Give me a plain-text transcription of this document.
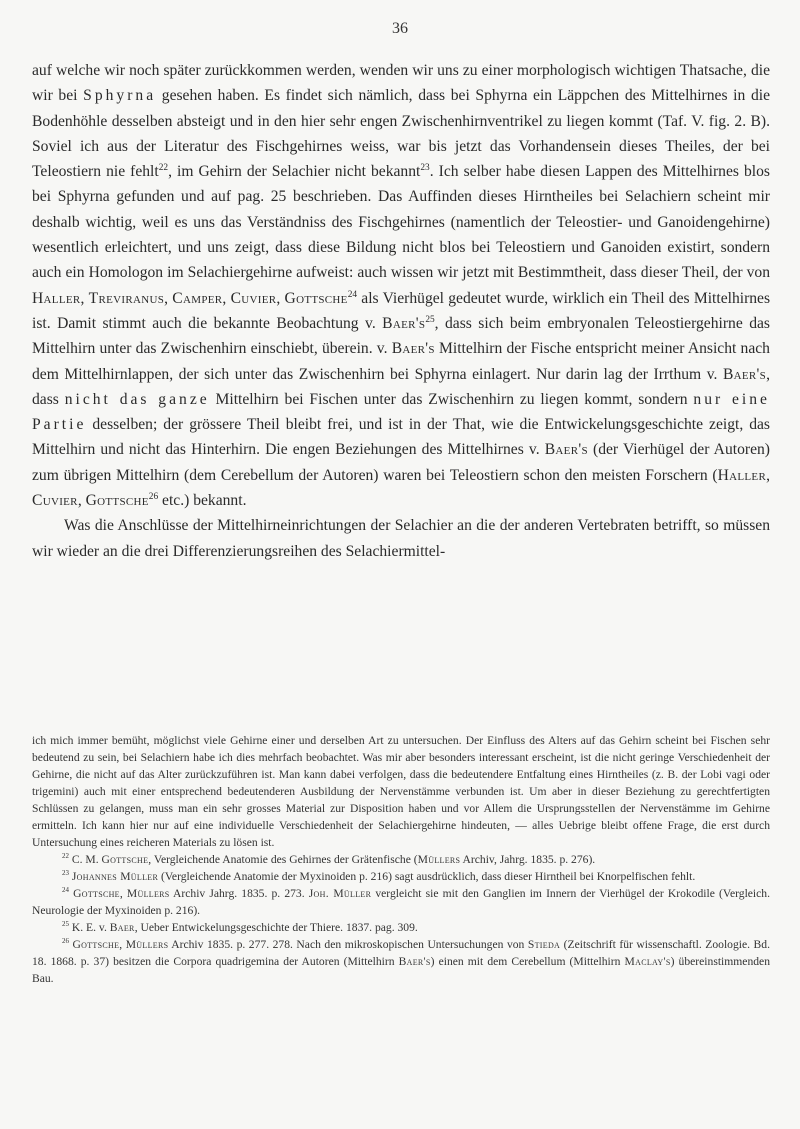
36

auf welche wir noch später zurückkommen werden, wenden wir uns zu einer morphologisch wichtigen Thatsache, die wir bei Sphyrna gesehen haben. Es findet sich nämlich, dass bei Sphyrna ein Läppchen des Mittelhirnes in die Bodenhöhle desselben absteigt und in den hier sehr engen Zwischenhirnventrikel zu liegen kommt (Taf. V. fig. 2. B). Soviel ich aus der Literatur des Fischgehirnes weiss, war bis jetzt das Vorhandensein dieses Theiles, der bei Teleostiern nie fehlt$^{22}$, im Gehirn der Selachier nicht bekannt$^{23}$. Ich selber habe diesen Lappen des Mittelhirnes blos bei Sphyrna gefunden und auf pag. 25 beschrieben. Das Auffinden dieses Hirntheiles bei Selachiern scheint mir deshalb wichtig, weil es uns das Verständniss des Fischgehirnes (namentlich der Teleostier- und Ganoidengehirne) wesentlich erleichtert, und uns zeigt, dass diese Bildung nicht blos bei Teleostiern und Ganoiden existirt, sondern auch ein Homologon im Selachiergehirne aufweist: auch wissen wir jetzt mit Bestimmtheit, dass dieser Theil, der von Haller, Treviranus, Camper, Cuvier, Gottsche$^{24}$ als Vierhügel gedeutet wurde, wirklich ein Theil des Mittelhirnes ist. Damit stimmt auch die bekannte Beobachtung v. $Baer's^{25}$, dass sich beim embryonalen Teleostiergehirne das Mittelhirn unter das Zwischenhirn einschiebt, überein. v. Baer's Mittelhirn der Fische entspricht meiner Ansicht nach dem Mittelhirnlappen, der sich unter das Zwischenhirn bei Sphyrna einlagert. Nur darin lag der Irrthum v. Baer's, dass nicht das ganze Mittelhirn bei Fischen unter das Zwischenhirn zu liegen kommt, sondern nur eine Partie desselben; der grössere Theil bleibt frei, und ist in der That, wie die Entwickelungsgeschichte zeigt, das Mittelhirn und nicht das Hinterhirn. Die engen Beziehungen des Mittelhirnes v. Baer's (der Vierhügel der Autoren) zum übrigen Mittelhirn (dem Cerebellum der Autoren) waren bei Teleostiern schon den meisten Forschern (Haller, Cuvier, Gottsche$^{26}$ etc.) bekannt.

Was die Anschlüsse der Mittelhirneinrichtungen der Selachier an die der anderen Vertebraten betrifft, so müssen wir wieder an die drei Differenzierungsreihen des Selachiermittel-

ich mich immer bemüht, möglichst viele Gehirne einer und derselben Art zu untersuchen. Der Einfluss des Alters auf das Gehirn scheint bei Fischen sehr bedeutend zu sein, bei Selachiern habe ich dies mehrfach beobachtet. Was mir aber besonders interessant erscheint, ist die nicht geringe Verschiedenheit der Gehirne, die nicht auf das Alter zurückzuführen ist. Man kann dabei verfolgen, dass die bedeutendere Entfaltung eines Hirntheiles (z. B. der Lobi vagi oder trigemini) auch mit einer entsprechend bedeutenderen Ausbildung der Nervenstämme verbunden ist. Um aber in dieser Beziehung zu gerechtfertigten Schlüssen zu gelangen, muss man ein sehr grosses Material zur Disposition haben und vor Allem die Ursprungsstellen der Nervenstämme im Gehirne ermitteln. Ich kann hier nur auf eine individuelle Verschiedenheit der Selachiergehirne hindeuten, — alles Uebrige bleibt offene Frage, die erst durch Untersuchung eines reicheren Materials zu lösen ist.

$^{22}$ C. M. Gottsche, Vergleichende Anatomie des Gehirnes der Grätenfische (Müllers Archiv, Jahrg. 1835. p. 276).

$^{23}$ Johannes Müller (Vergleichende Anatomie der Myxinoiden p. 216) sagt ausdrücklich, dass dieser Hirntheil bei Knorpelfischen fehlt.

$^{24}$ Gottsche, Müllers Archiv Jahrg. 1835. p. 273. Joh. Müller vergleicht sie mit den Ganglien im Innern der Vierhügel der Krokodile (Vergleich. Neurologie der Myxinoiden p. 216).

$^{25}$ K. E. v. Baer, Ueber Entwickelungsgeschichte der Thiere. 1837. pag. 309.

$^{26}$ Gottsche, Müllers Archiv 1835. p. 277. 278. Nach den mikroskopischen Untersuchungen von Stieda (Zeitschrift für wissenschaftl. Zoologie. Bd. 18. 1868. p. 37) besitzen die Corpora quadrigemina der Autoren (Mittelhirn Baer's) einen mit dem Cerebellum (Mittelhirn Maclay's) übereinstimmenden Bau.
